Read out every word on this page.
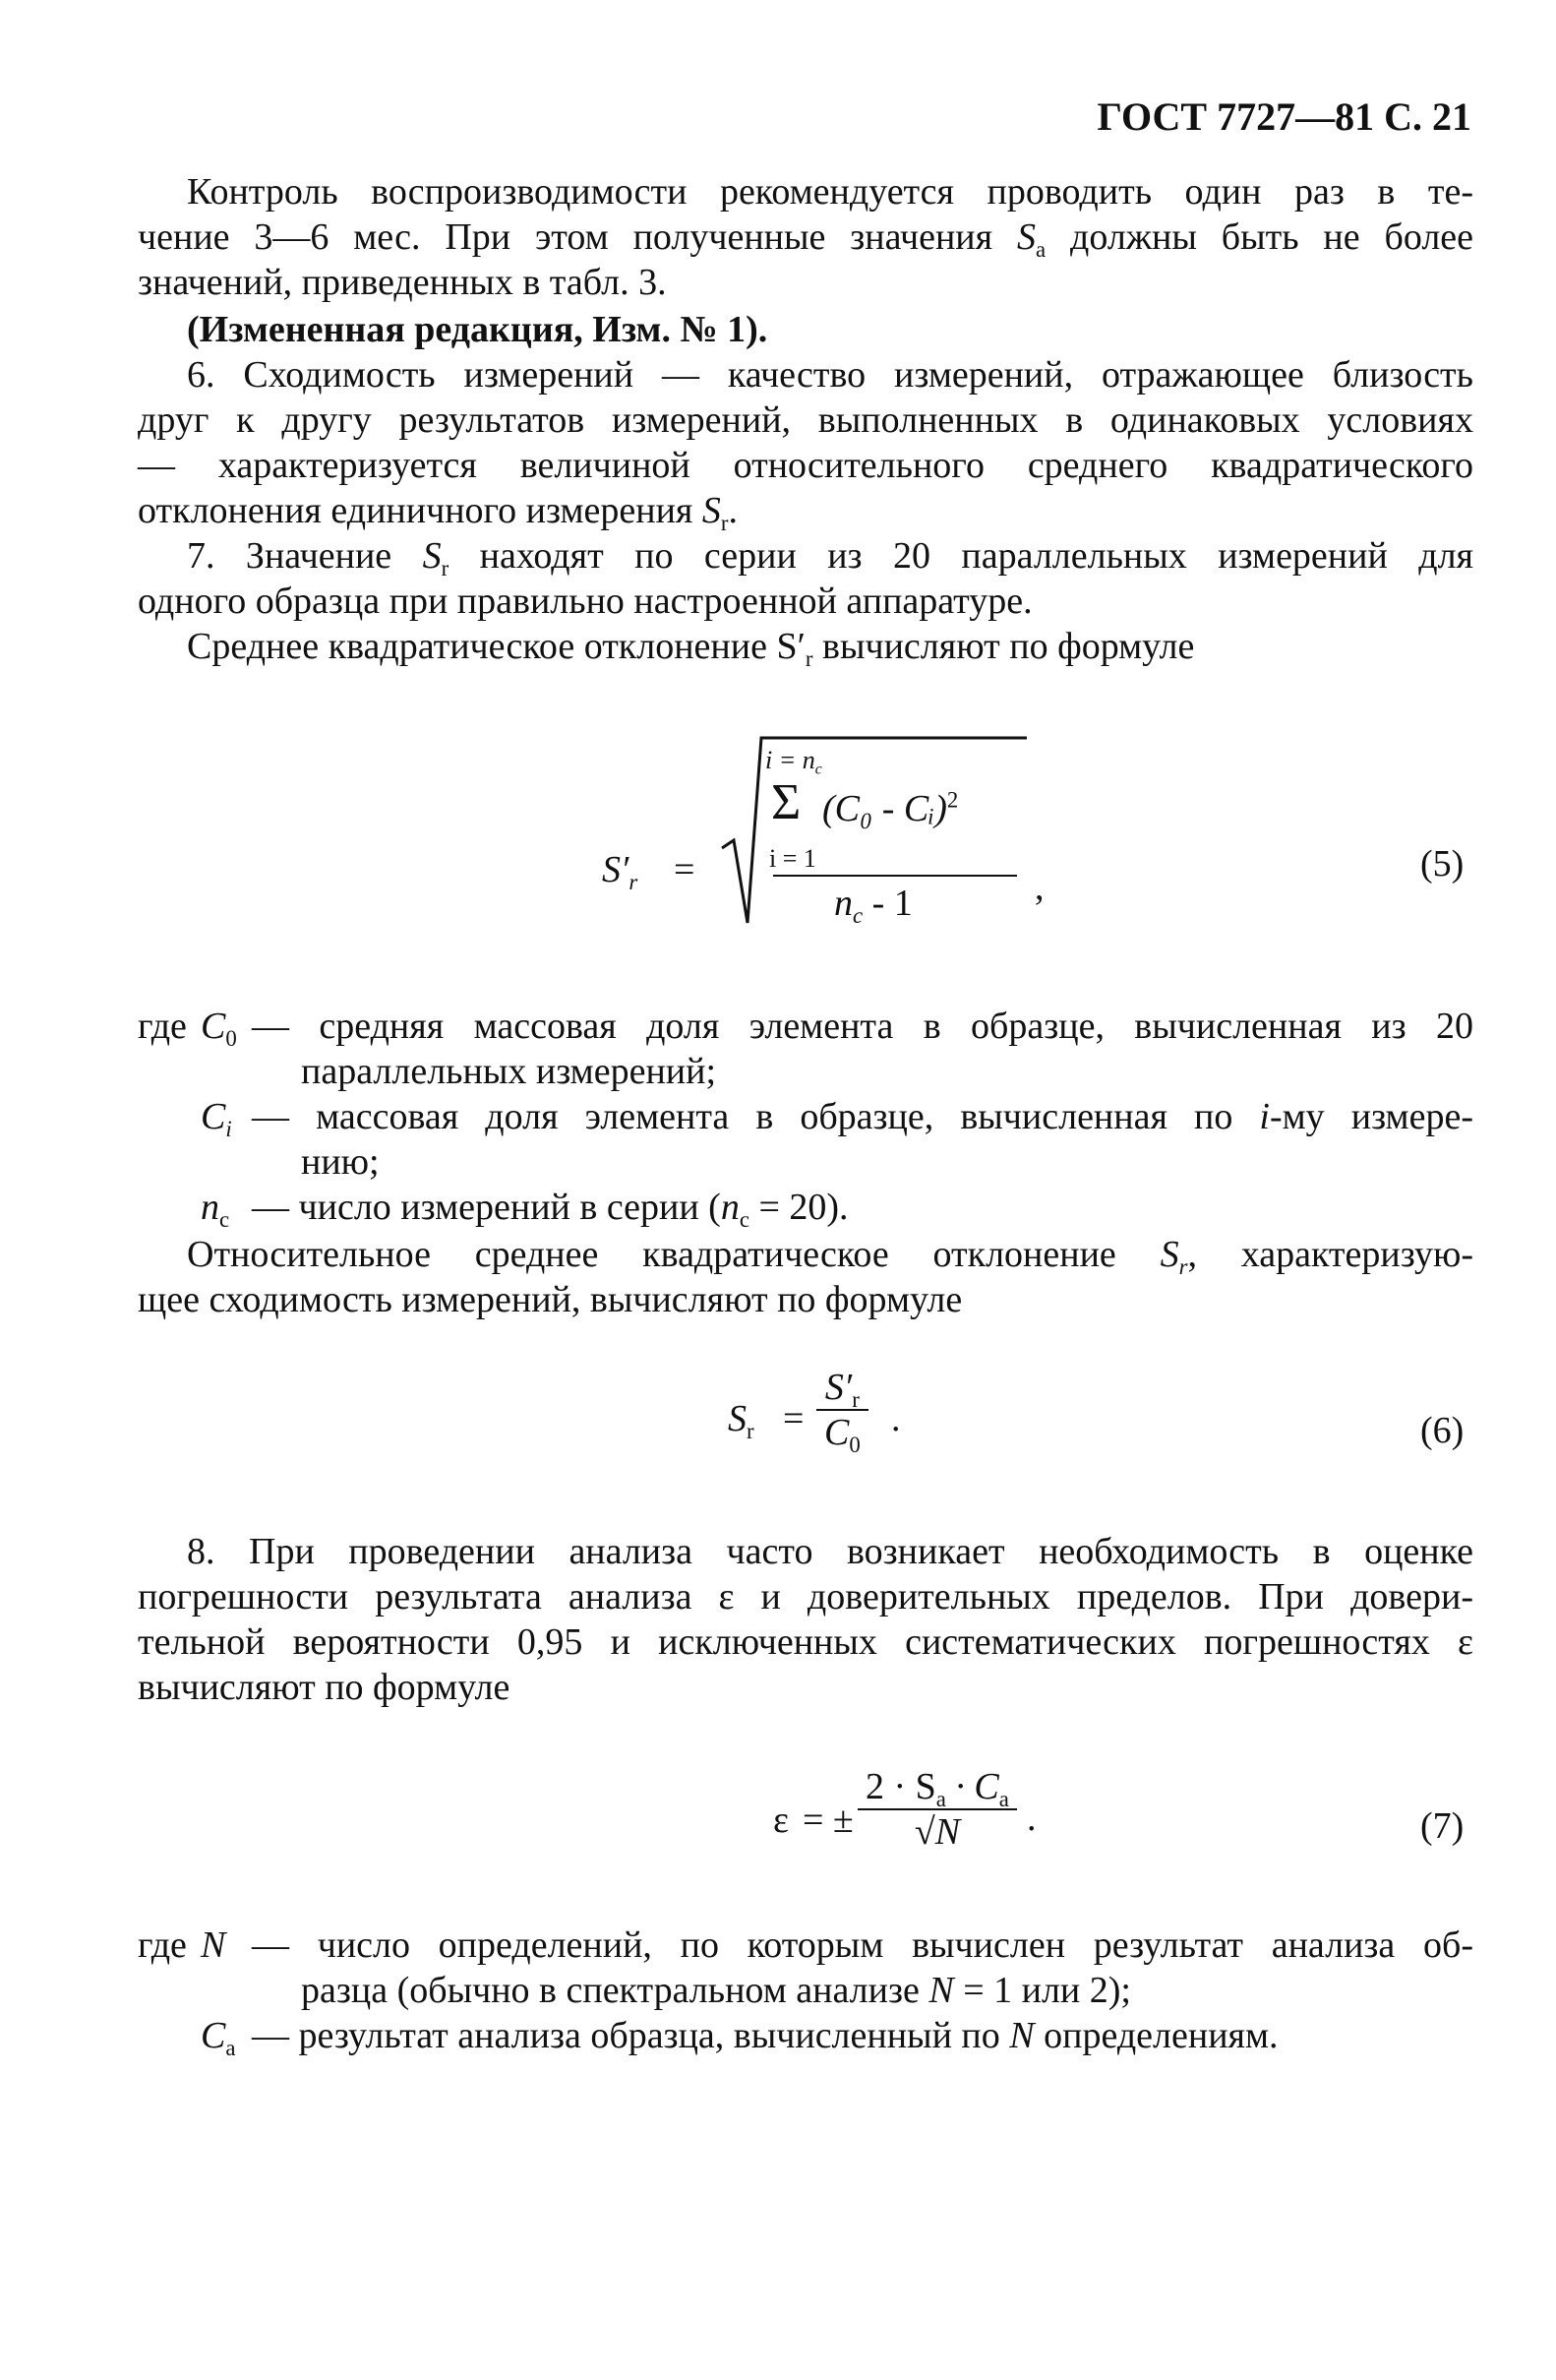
ГОСТ 7727—81 С. 21
Контроль воспроизводимости рекомендуется проводить один раз в те-
чение 3—6 мес. При этом полученные значения $S_a$ должны быть не более
значений, приведенных в табл. 3.
(Измененная редакция, Изм. № 1).
6. Сходимость измерений — качество измерений, отражающее близость
друг к другу результатов измерений, выполненных в одинаковых условиях
— характеризуется величиной относительного среднего квадратического
отклонения единичного измерения $S_r$.
7. Значение $S_r$ находят по серии из 20 параллельных измерений для
одного образца при правильно настроенной аппаратуре.
Среднее квадратическое отклонение $S'_r$ вычисляют по формуле
$S'_r$ =
$i = n_c$
Σ (C₀ - Cᵢ)$^2$
i = 1
$n_c - 1$	,
(5)
где $C_0$ — средняя массовая доля элемента в образце, вычисленная из 20
параллельных измерений;
$C_i$ — массовая доля элемента в образце, вычисленная по i-му измере-
нию;
$n_c$ — число измерений в серии $(n_c = 20)$.
Относительное среднее квадратическое отклонение $S_r$, характеризую-
щее сходимость измерений, вычисляют по формуле
$S_r = \frac{S'_r}{C_0}$ .	(6)
8. При проведении анализа часто возникает необходимость в оценке
погрешности результата анализа ε и доверительных пределов. При довери-
тельной вероятности 0,95 и исключенных систематических погрешностях ε
вычисляют по формуле
ε = ± $\frac{2 \cdot S_a \cdot C_a}{√N}$ .	(7)
где N — число определений, по которым вычислен результат анализа об-
разца (обычно в спектральном анализе N = 1 или 2);
$C_a$ — результат анализа образца, вычисленный по N определениям.
